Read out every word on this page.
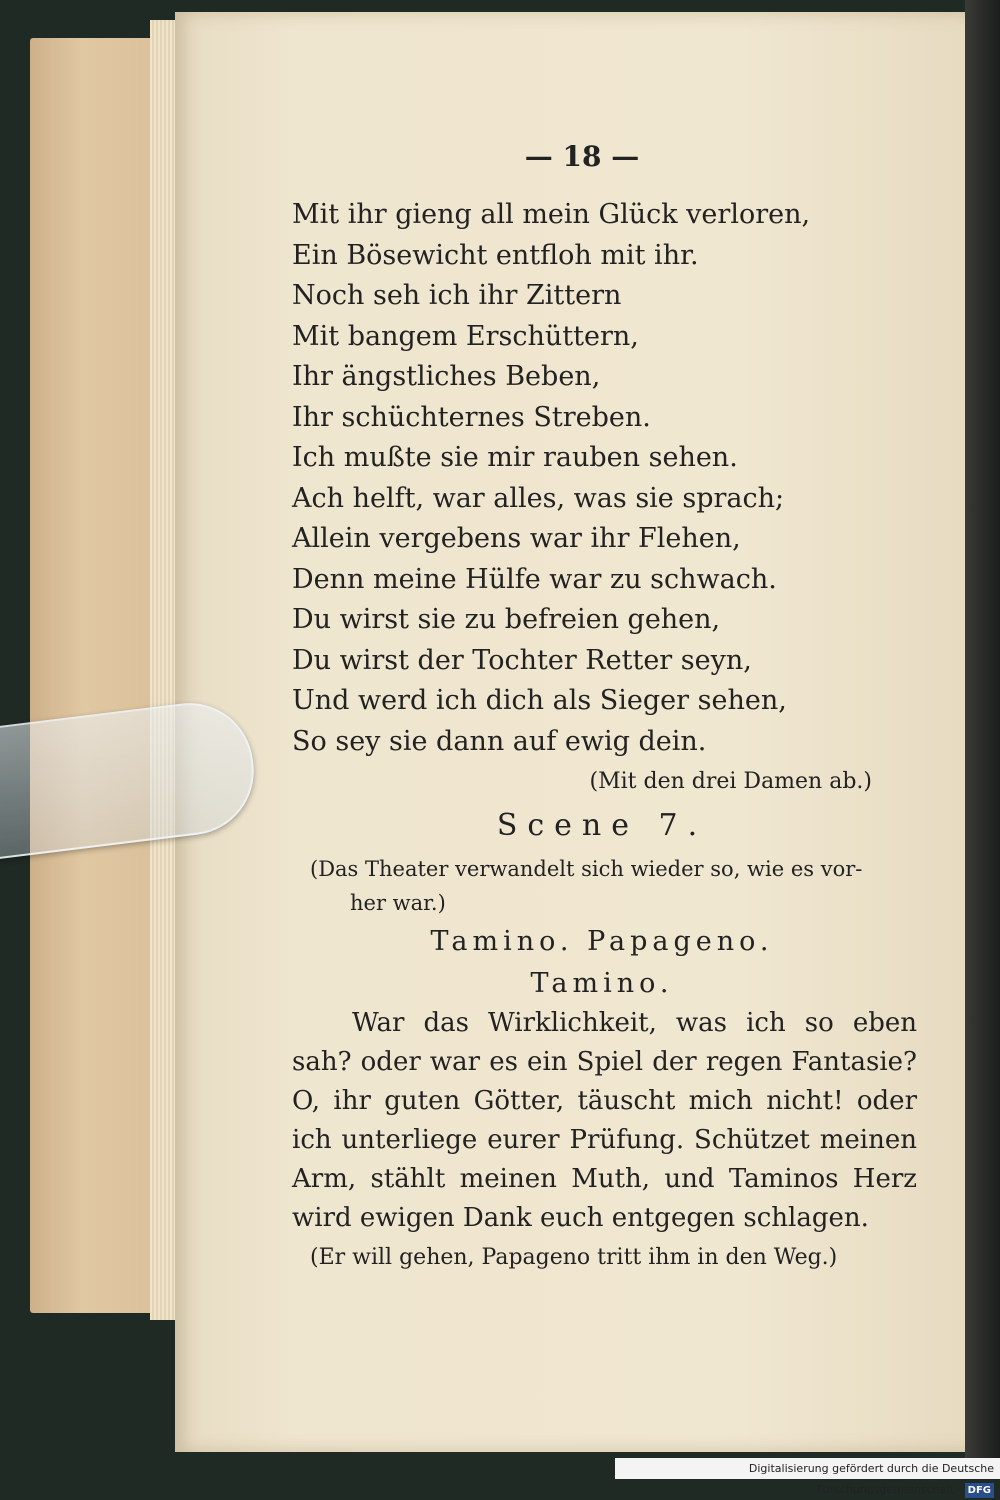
— 18 —
Mit ihr gieng all mein Glück verloren,
Ein Bösewicht entfloh mit ihr.
Noch seh ich ihr Zittern
Mit bangem Erschüttern,
Ihr ängstliches Beben,
Ihr schüchternes Streben.
Ich mußte sie mir rauben sehen.
Ach helft, war alles, was sie sprach;
Allein vergebens war ihr Flehen,
Denn meine Hülfe war zu schwach.
Du wirst sie zu befreien gehen,
Du wirst der Tochter Retter seyn,
Und werd ich dich als Sieger sehen,
So sey sie dann auf ewig dein.
(Mit den drei Damen ab.)
Scene 7.
(Das Theater verwandelt sich wieder so, wie es vor-
her war.)
Tamino. Papageno.
Tamino.
War das Wirklichkeit, was ich so eben sah? oder war es ein Spiel der regen Fantasie? O, ihr guten Götter, täuscht mich nicht! oder ich unterliege eurer Prüfung. Schützet meinen Arm, stählt meinen Muth, und Taminos Herz wird ewigen Dank euch entgegen schlagen.
(Er will gehen, Papageno tritt ihm in den Weg.)
Digitalisierung gefördert durch die Deutsche Forschungsgemeinschaft - DFG
